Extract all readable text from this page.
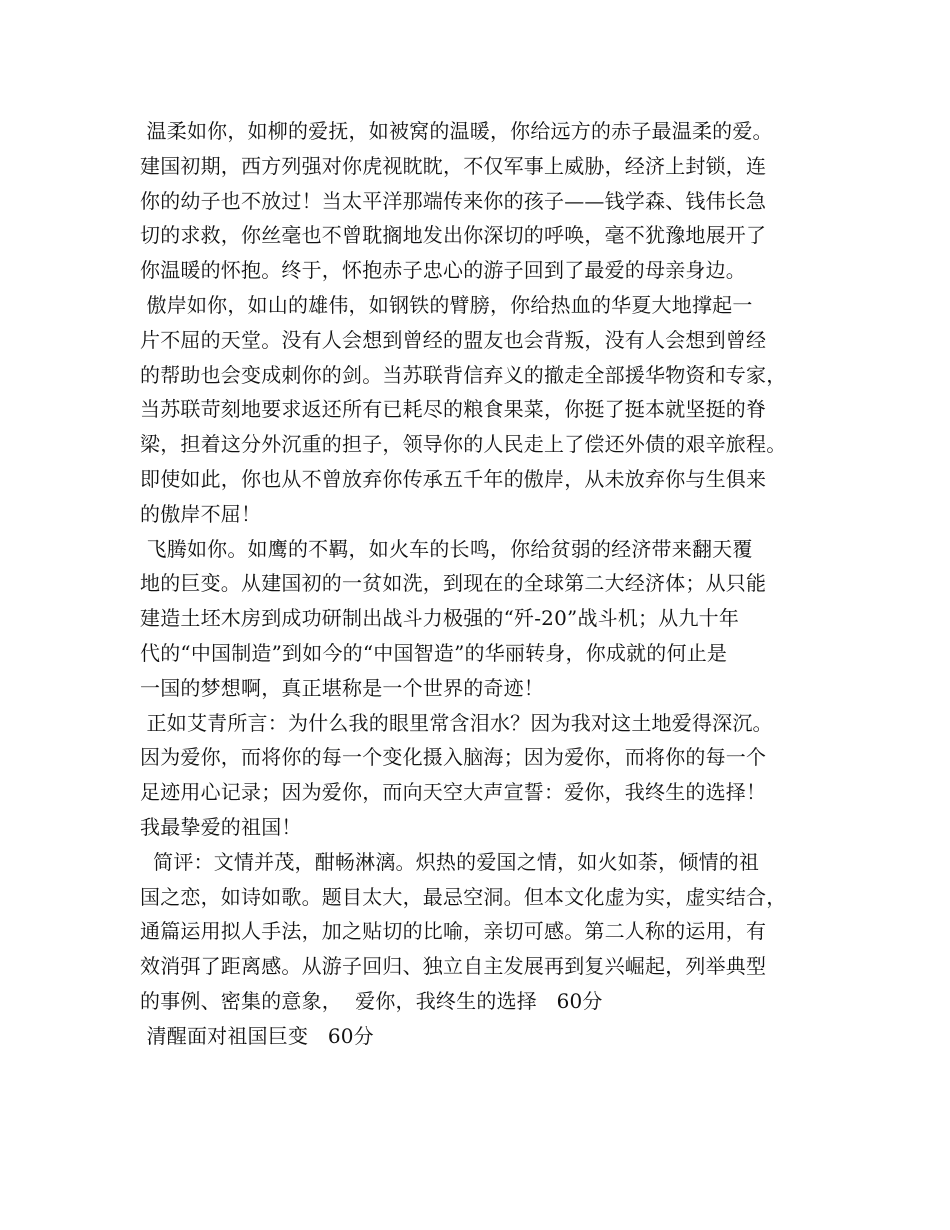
温柔如你，如柳的爱抚，如被窝的温暖，你给远方的赤子最温柔的爱。
建国初期，西方列强对你虎视眈眈，不仅军事上威胁，经济上封锁，连
你的幼子也不放过！当太平洋那端传来你的孩子——钱学森、钱伟长急
切的求救，你丝毫也不曾耽搁地发出你深切的呼唤，毫不犹豫地展开了
你温暖的怀抱。终于，怀抱赤子忠心的游子回到了最爱的母亲身边。
傲岸如你，如山的雄伟，如钢铁的臂膀，你给热血的华夏大地撑起一
片不屈的天堂。没有人会想到曾经的盟友也会背叛，没有人会想到曾经
的帮助也会变成刺你的剑。当苏联背信弃义的撤走全部援华物资和专家，
当苏联苛刻地要求返还所有已耗尽的粮食果菜，你挺了挺本就坚挺的脊
梁，担着这分外沉重的担子，领导你的人民走上了偿还外债的艰辛旅程。
即使如此，你也从不曾放弃你传承五千年的傲岸，从未放弃你与生俱来
的傲岸不屈！
飞腾如你。如鹰的不羁，如火车的长鸣，你给贫弱的经济带来翻天覆
地的巨变。从建国初的一贫如洗，到现在的全球第二大经济体；从只能
建造土坯木房到成功研制出战斗力极强的“歼-20”战斗机；从九十年
代的“中国制造”到如今的“中国智造”的华丽转身，你成就的何止是
一国的梦想啊，真正堪称是一个世界的奇迹！
正如艾青所言：为什么我的眼里常含泪水？因为我对这土地爱得深沉。
因为爱你，而将你的每一个变化摄入脑海；因为爱你，而将你的每一个
足迹用心记录；因为爱你，而向天空大声宣誓：爱你，我终生的选择！
我最挚爱的祖国！
简评：文情并茂，酣畅淋漓。炽热的爱国之情，如火如荼，倾情的祖
国之恋，如诗如歌。题目太大，最忌空洞。但本文化虚为实，虚实结合，
通篇运用拟人手法，加之贴切的比喻，亲切可感。第二人称的运用，有
效消弭了距离感。从游子回归、独立自主发展再到复兴崛起，列举典型
的事例、密集的意象，  爱你，我终生的选择   60分
清醒面对祖国巨变   60分
